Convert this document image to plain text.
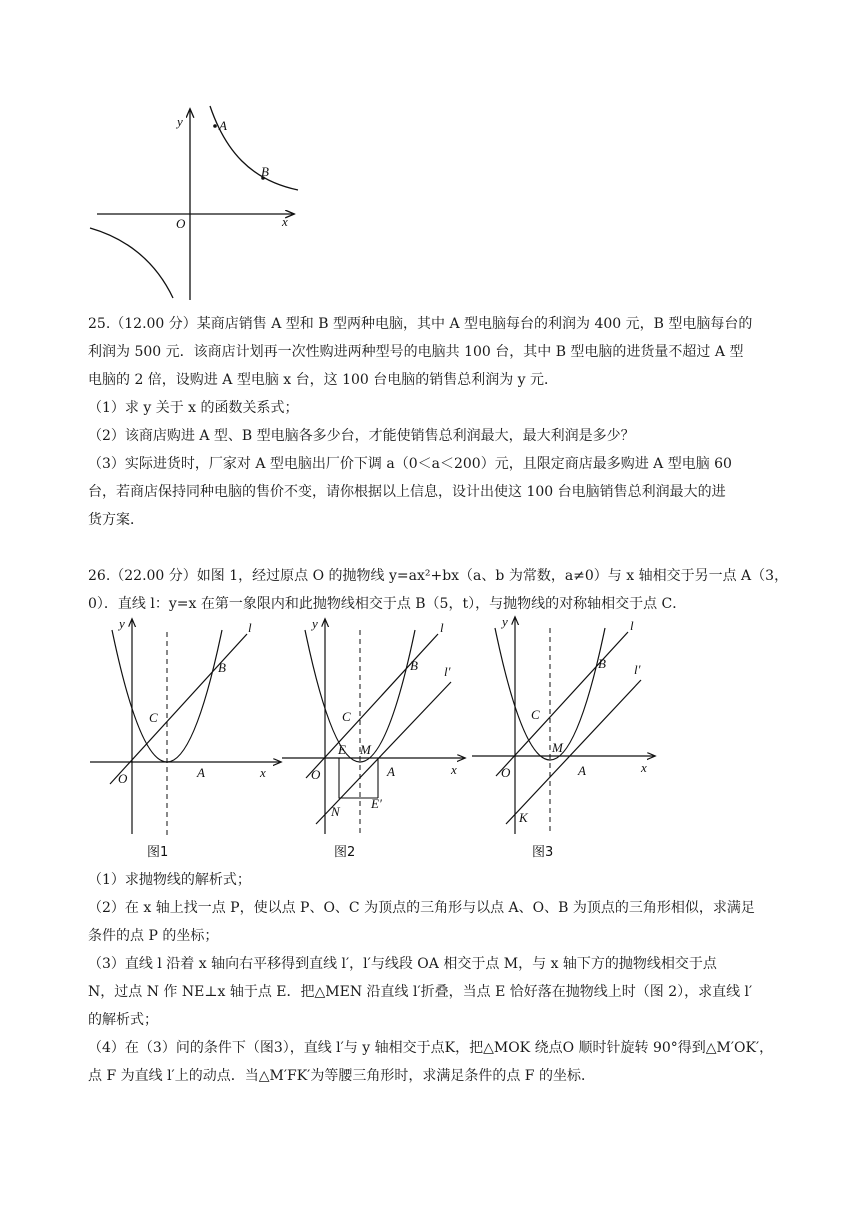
y	A
B
O	x
25.（12.00 分）某商店销售 A 型和 B 型两种电脑，其中 A 型电脑每台的利润为 400 元，B 型电脑每台的
利润为 500 元．该商店计划再一次性购进两种型号的电脑共 100 台，其中 B 型电脑的进货量不超过 A 型
电脑的 2 倍，设购进 A 型电脑 x 台，这 100 台电脑的销售总利润为 y 元．
（1）求 y 关于 x 的函数关系式；
（2）该商店购进 A 型、B 型电脑各多少台，才能使销售总利润最大，最大利润是多少？
（3）实际进货时，厂家对 A 型电脑出厂价下调 a（0＜a＜200）元，且限定商店最多购进 A 型电脑 60
台，若商店保持同种电脑的售价不变，请你根据以上信息，设计出使这 100 台电脑销售总利润最大的进
货方案．
26.（22.00 分）如图 1，经过原点 O 的抛物线 y=ax²+bx（a、b 为常数，a≠0）与 x 轴相交于另一点 A（3，
0）．直线 l：y=x 在第一象限内和此抛物线相交于点 B（5，t），与抛物线的对称轴相交于点 C．
y	l
B
C
O	A	x
图1
y	l
l′
B
C
E M
O	A
N
E′
x
图2
y	l
l′
B
C
M
O	A
K
x
图3
（1）求抛物线的解析式；
（2）在 x 轴上找一点 P，使以点 P、O、C 为顶点的三角形与以点 A、O、B 为顶点的三角形相似，求满足
条件的点 P 的坐标；
（3）直线 l 沿着 x 轴向右平移得到直线 l′，l′与线段 OA 相交于点 M，与 x 轴下方的抛物线相交于点
N，过点 N 作 NE⊥x 轴于点 E．把△MEN 沿直线 l′折叠，当点 E 恰好落在抛物线上时（图 2），求直线 l′
的解析式；
（4）在（3）问的条件下（图3），直线 l′与 y 轴相交于点K，把△MOK 绕点O 顺时针旋转 90°得到△M′OK′，
点 F 为直线 l′上的动点．当△M′FK′为等腰三角形时，求满足条件的点 F 的坐标．
